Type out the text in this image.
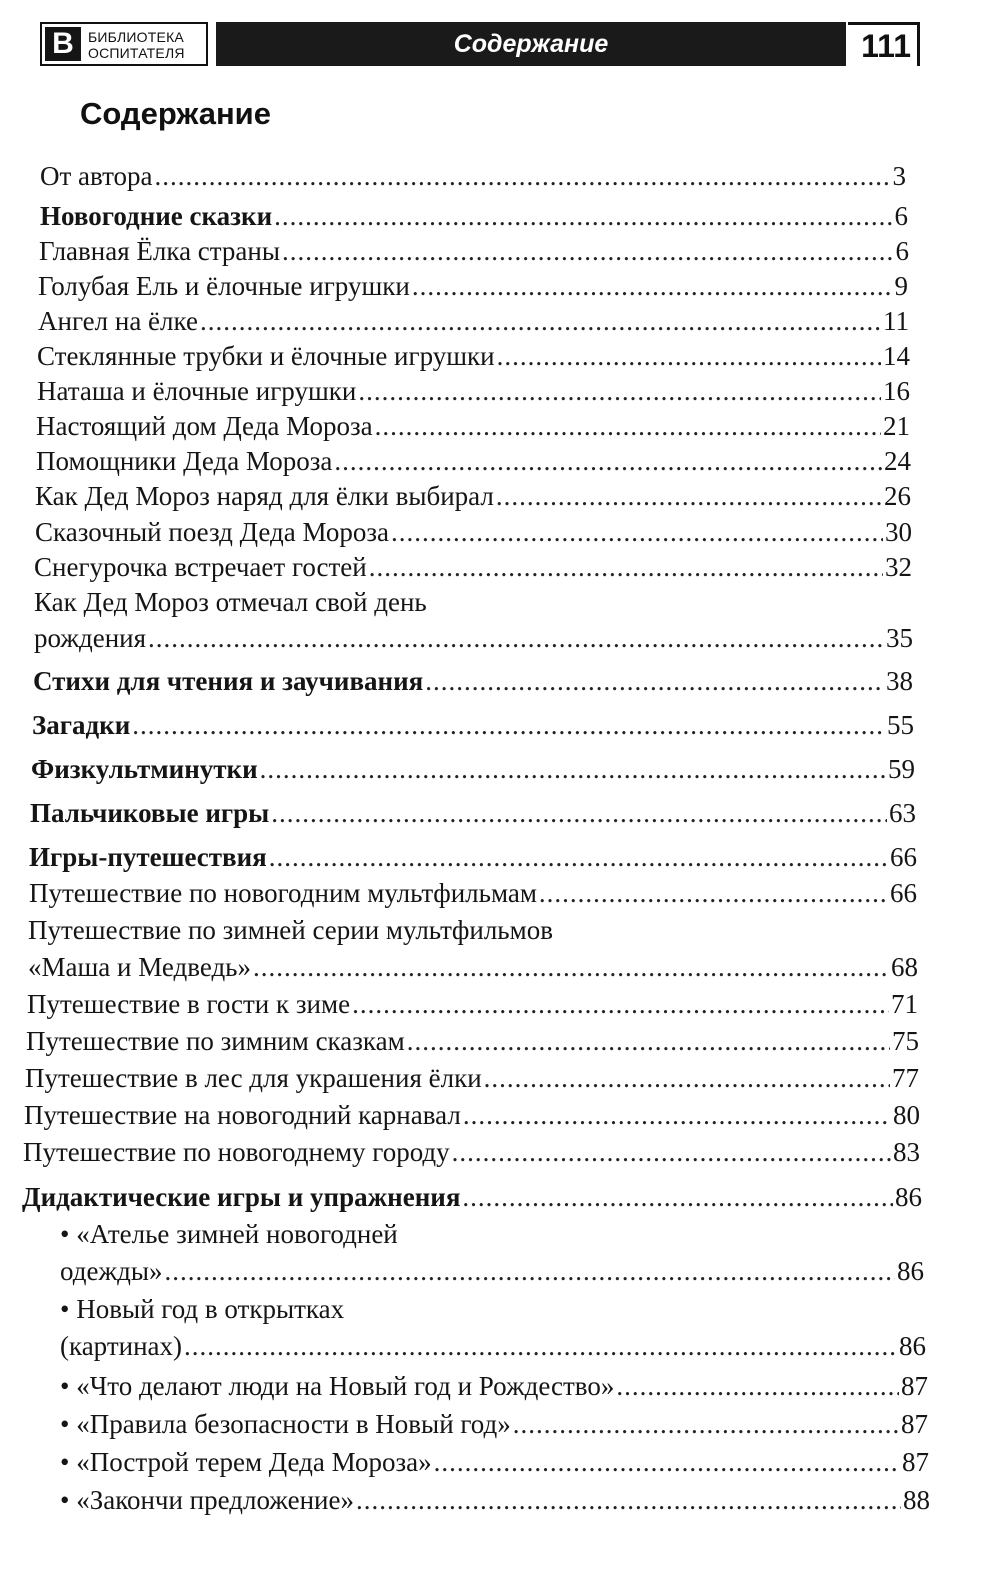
В	БИБЛИОТЕКА
ОСПИТАТЕЛЯ	Содержание	111
Содержание
От автора .....	3
Новогодние сказки .....	6
Главная Ёлка страны .....	6
Голубая Ель и ёлочные игрушки .....	9
Ангел на ёлке .....	11
Стеклянные трубки и ёлочные игрушки .....	14
Наташа и ёлочные игрушки .....	16
Настоящий дом Деда Мороза .....	21
Помощники Деда Мороза .....	24
Как Дед Мороз наряд для ёлки выбирал .....	26
Сказочный поезд Деда Мороза .....	30
Снегурочка встречает гостей .....	32
Как Дед Мороз отмечал свой день
рождения .....	35
Стихи для чтения и заучивания .....	38
Загадки .....	55
Физкультминутки .....	59
Пальчиковые игры .....	63
Игры-путешествия .....	66
Путешествие по новогодним мультфильмам .....	66
Путешествие по зимней серии мультфильмов
«Маша и Медведь» .....	68
Путешествие в гости к зиме .....	71
Путешествие по зимним сказкам .....	75
Путешествие в лес для украшения ёлки .....	77
Путешествие на новогодний карнавал .....	80
Путешествие по новогоднему городу .....	83
Дидактические игры и упражнения .....	86
• «Ателье зимней новогодней
одежды» .....	86
• Новый год в открытках
(картинах) .....	86
• «Что делают люди на Новый год и Рождество» .....	87
• «Правила безопасности в Новый год» .....	87
• «Построй терем Деда Мороза» .....	87
• «Закончи предложение» .....	88
